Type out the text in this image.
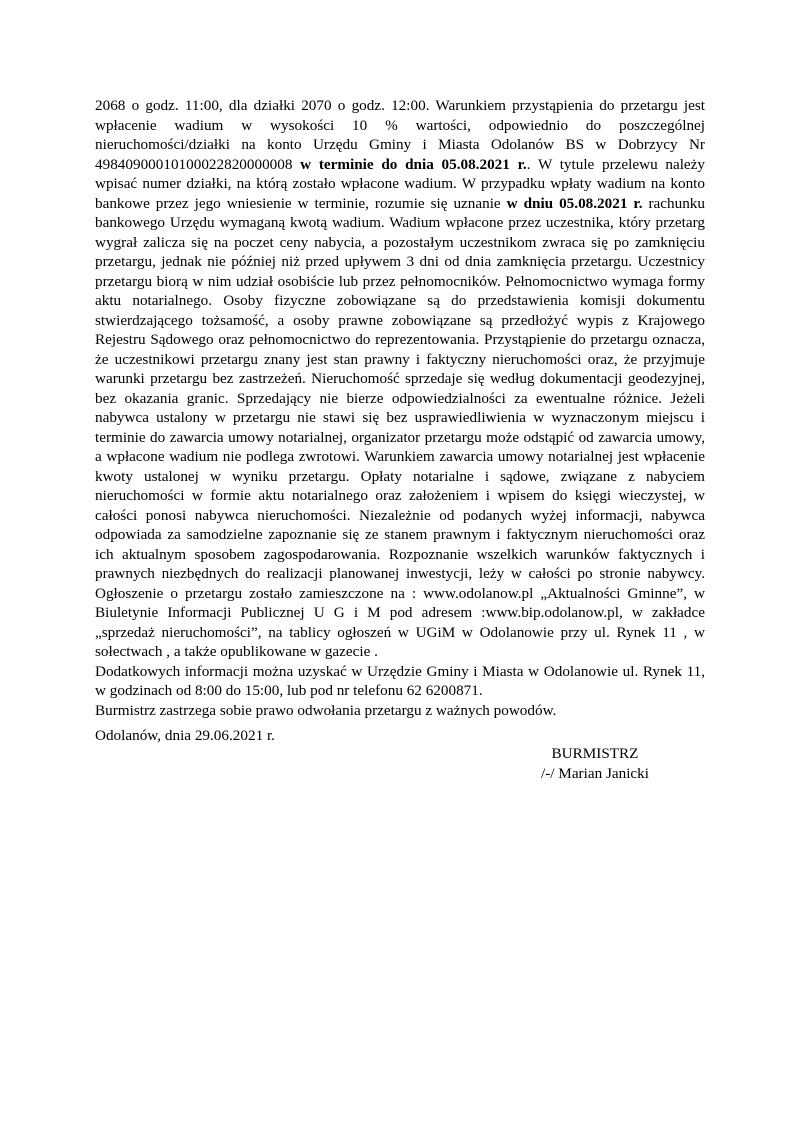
2068 o godz. 11:00, dla działki 2070 o godz. 12:00. Warunkiem przystąpienia do przetargu jest wpłacenie wadium w wysokości 10 % wartości, odpowiednio do poszczególnej nieruchomości/działki na konto Urzędu Gminy i Miasta Odolanów BS w Dobrzycy Nr 49840900010100022820000008 w terminie do dnia 05.08.2021 r.. W tytule przelewu należy wpisać numer działki, na którą zostało wpłacone wadium. W przypadku wpłaty wadium na konto bankowe przez jego wniesienie w terminie, rozumie się uznanie w dniu 05.08.2021 r. rachunku bankowego Urzędu wymaganą kwotą wadium. Wadium wpłacone przez uczestnika, który przetarg wygrał zalicza się na poczet ceny nabycia, a pozostałym uczestnikom zwraca się po zamknięciu przetargu, jednak nie później niż przed upływem 3 dni od dnia zamknięcia przetargu. Uczestnicy przetargu biorą w nim udział osobiście lub przez pełnomocników. Pełnomocnictwo wymaga formy aktu notarialnego. Osoby fizyczne zobowiązane są do przedstawienia komisji dokumentu stwierdzającego tożsamość, a osoby prawne zobowiązane są przedłożyć wypis z Krajowego Rejestru Sądowego oraz pełnomocnictwo do reprezentowania. Przystąpienie do przetargu oznacza, że uczestnikowi przetargu znany jest stan prawny i faktyczny nieruchomości oraz, że przyjmuje warunki przetargu bez zastrzeżeń. Nieruchomość sprzedaje się według dokumentacji geodezyjnej, bez okazania granic. Sprzedający nie bierze odpowiedzialności za ewentualne różnice. Jeżeli nabywca ustalony w przetargu nie stawi się bez usprawiedliwienia w wyznaczonym miejscu i terminie do zawarcia umowy notarialnej, organizator przetargu może odstąpić od zawarcia umowy, a wpłacone wadium nie podlega zwrotowi. Warunkiem zawarcia umowy notarialnej jest wpłacenie kwoty ustalonej w wyniku przetargu. Opłaty notarialne i sądowe, związane z nabyciem nieruchomości w formie aktu notarialnego oraz założeniem i wpisem do księgi wieczystej, w całości ponosi nabywca nieruchomości. Niezależnie od podanych wyżej informacji, nabywca odpowiada za samodzielne zapoznanie się ze stanem prawnym i faktycznym nieruchomości oraz ich aktualnym sposobem zagospodarowania. Rozpoznanie wszelkich warunków faktycznych i prawnych niezbędnych do realizacji planowanej inwestycji, leży w całości po stronie nabywcy. Ogłoszenie o przetargu zostało zamieszczone na : www.odolanow.pl „Aktualności Gminne”, w Biuletynie Informacji Publicznej U G i M pod adresem :www.bip.odolanow.pl, w zakładce „sprzedaż nieruchomości”, na tablicy ogłoszeń w UGiM w Odolanowie przy ul. Rynek 11 , w sołectwach , a także opublikowane w gazecie .

Dodatkowych informacji można uzyskać w Urzędzie Gminy i Miasta w Odolanowie ul. Rynek 11, w godzinach od 8:00 do 15:00, lub pod nr telefonu 62 6200871.

Burmistrz zastrzega sobie prawo odwołania przetargu z ważnych powodów.

Odolanów, dnia 29.06.2021 r.
BURMISTRZ
/-/ Marian Janicki
